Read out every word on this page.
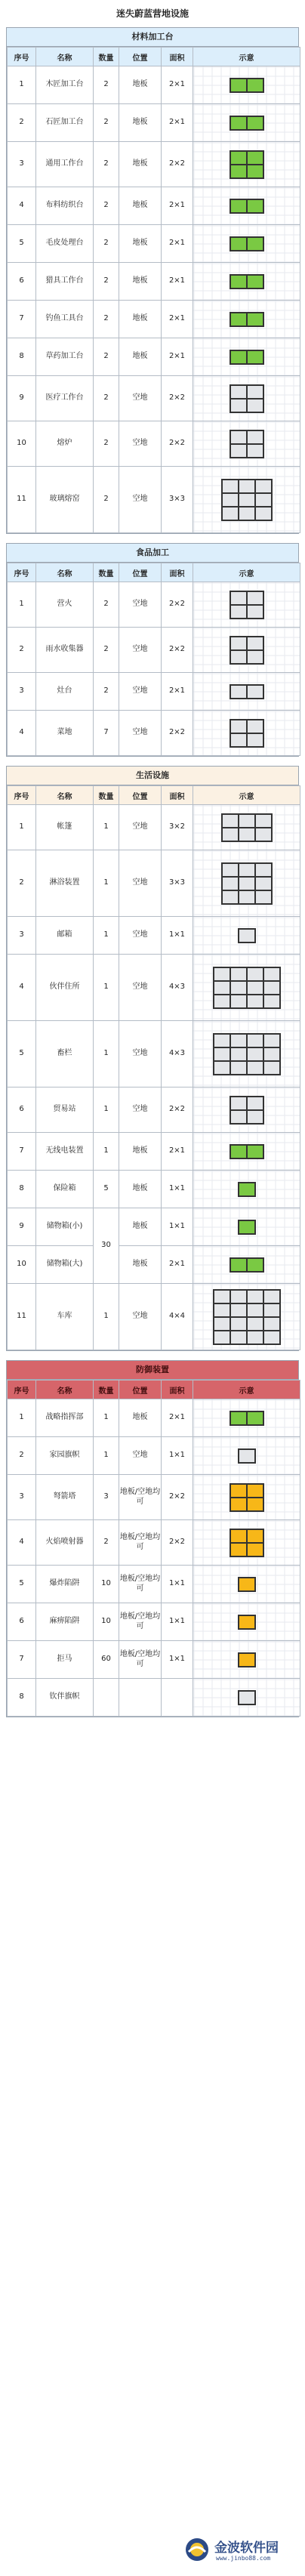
迷失蔚蓝营地设施
材料加工台
序号	名称	数量	位置	面积	示意
1	木匠加工台	2	地板	2×1	

2	石匠加工台	2	地板	2×1	

3	通用工作台	2	地板	2×2	

4	布料纺织台	2	地板	2×1	

5	毛皮处理台	2	地板	2×1	

6	猎具工作台	2	地板	2×1	

7	钓鱼工具台	2	地板	2×1	

8	草药加工台	2	地板	2×1	

9	医疗工作台	2	空地	2×2	

10	熔炉	2	空地	2×2	

11	玻璃熔窑	2	空地	3×3	
食品加工
序号	名称	数量	位置	面积	示意
1	营火	2	空地	2×2	

2	雨水收集器	2	空地	2×2	

3	灶台	2	空地	2×1	

4	菜地	7	空地	2×2	
生活设施
序号	名称	数量	位置	面积	示意
1	帐篷	1	空地	3×2	

2	淋浴装置	1	空地	3×3	

3	邮箱	1	空地	1×1	

4	伙伴住所	1	空地	4×3	

5	畜栏	1	空地	4×3	

6	贸易站	1	空地	2×2	

7	无线电装置	1	地板	2×1	

8	保险箱	5	地板	1×1	

9	储物箱(小)	30	地板	1×1	

10	储物箱(大)		地板	2×1	

11	车库	1	空地	4×4	
防御装置
序号	名称	数量	位置	面积	示意
1	战略指挥部	1	地板	2×1	

2	家园旗帜	1	空地	1×1	

3	弩箭塔	3	地板/空地均可	2×2	

4	火焰喷射器	2	地板/空地均可	2×2	

5	爆炸陷阱	10	地板/空地均可	1×1	

6	麻痹陷阱	10	地板/空地均可	1×1	

7	拒马	60	地板/空地均可	1×1	

8	钦伴旗帜				
金波软件园
www.jinbo88.com
